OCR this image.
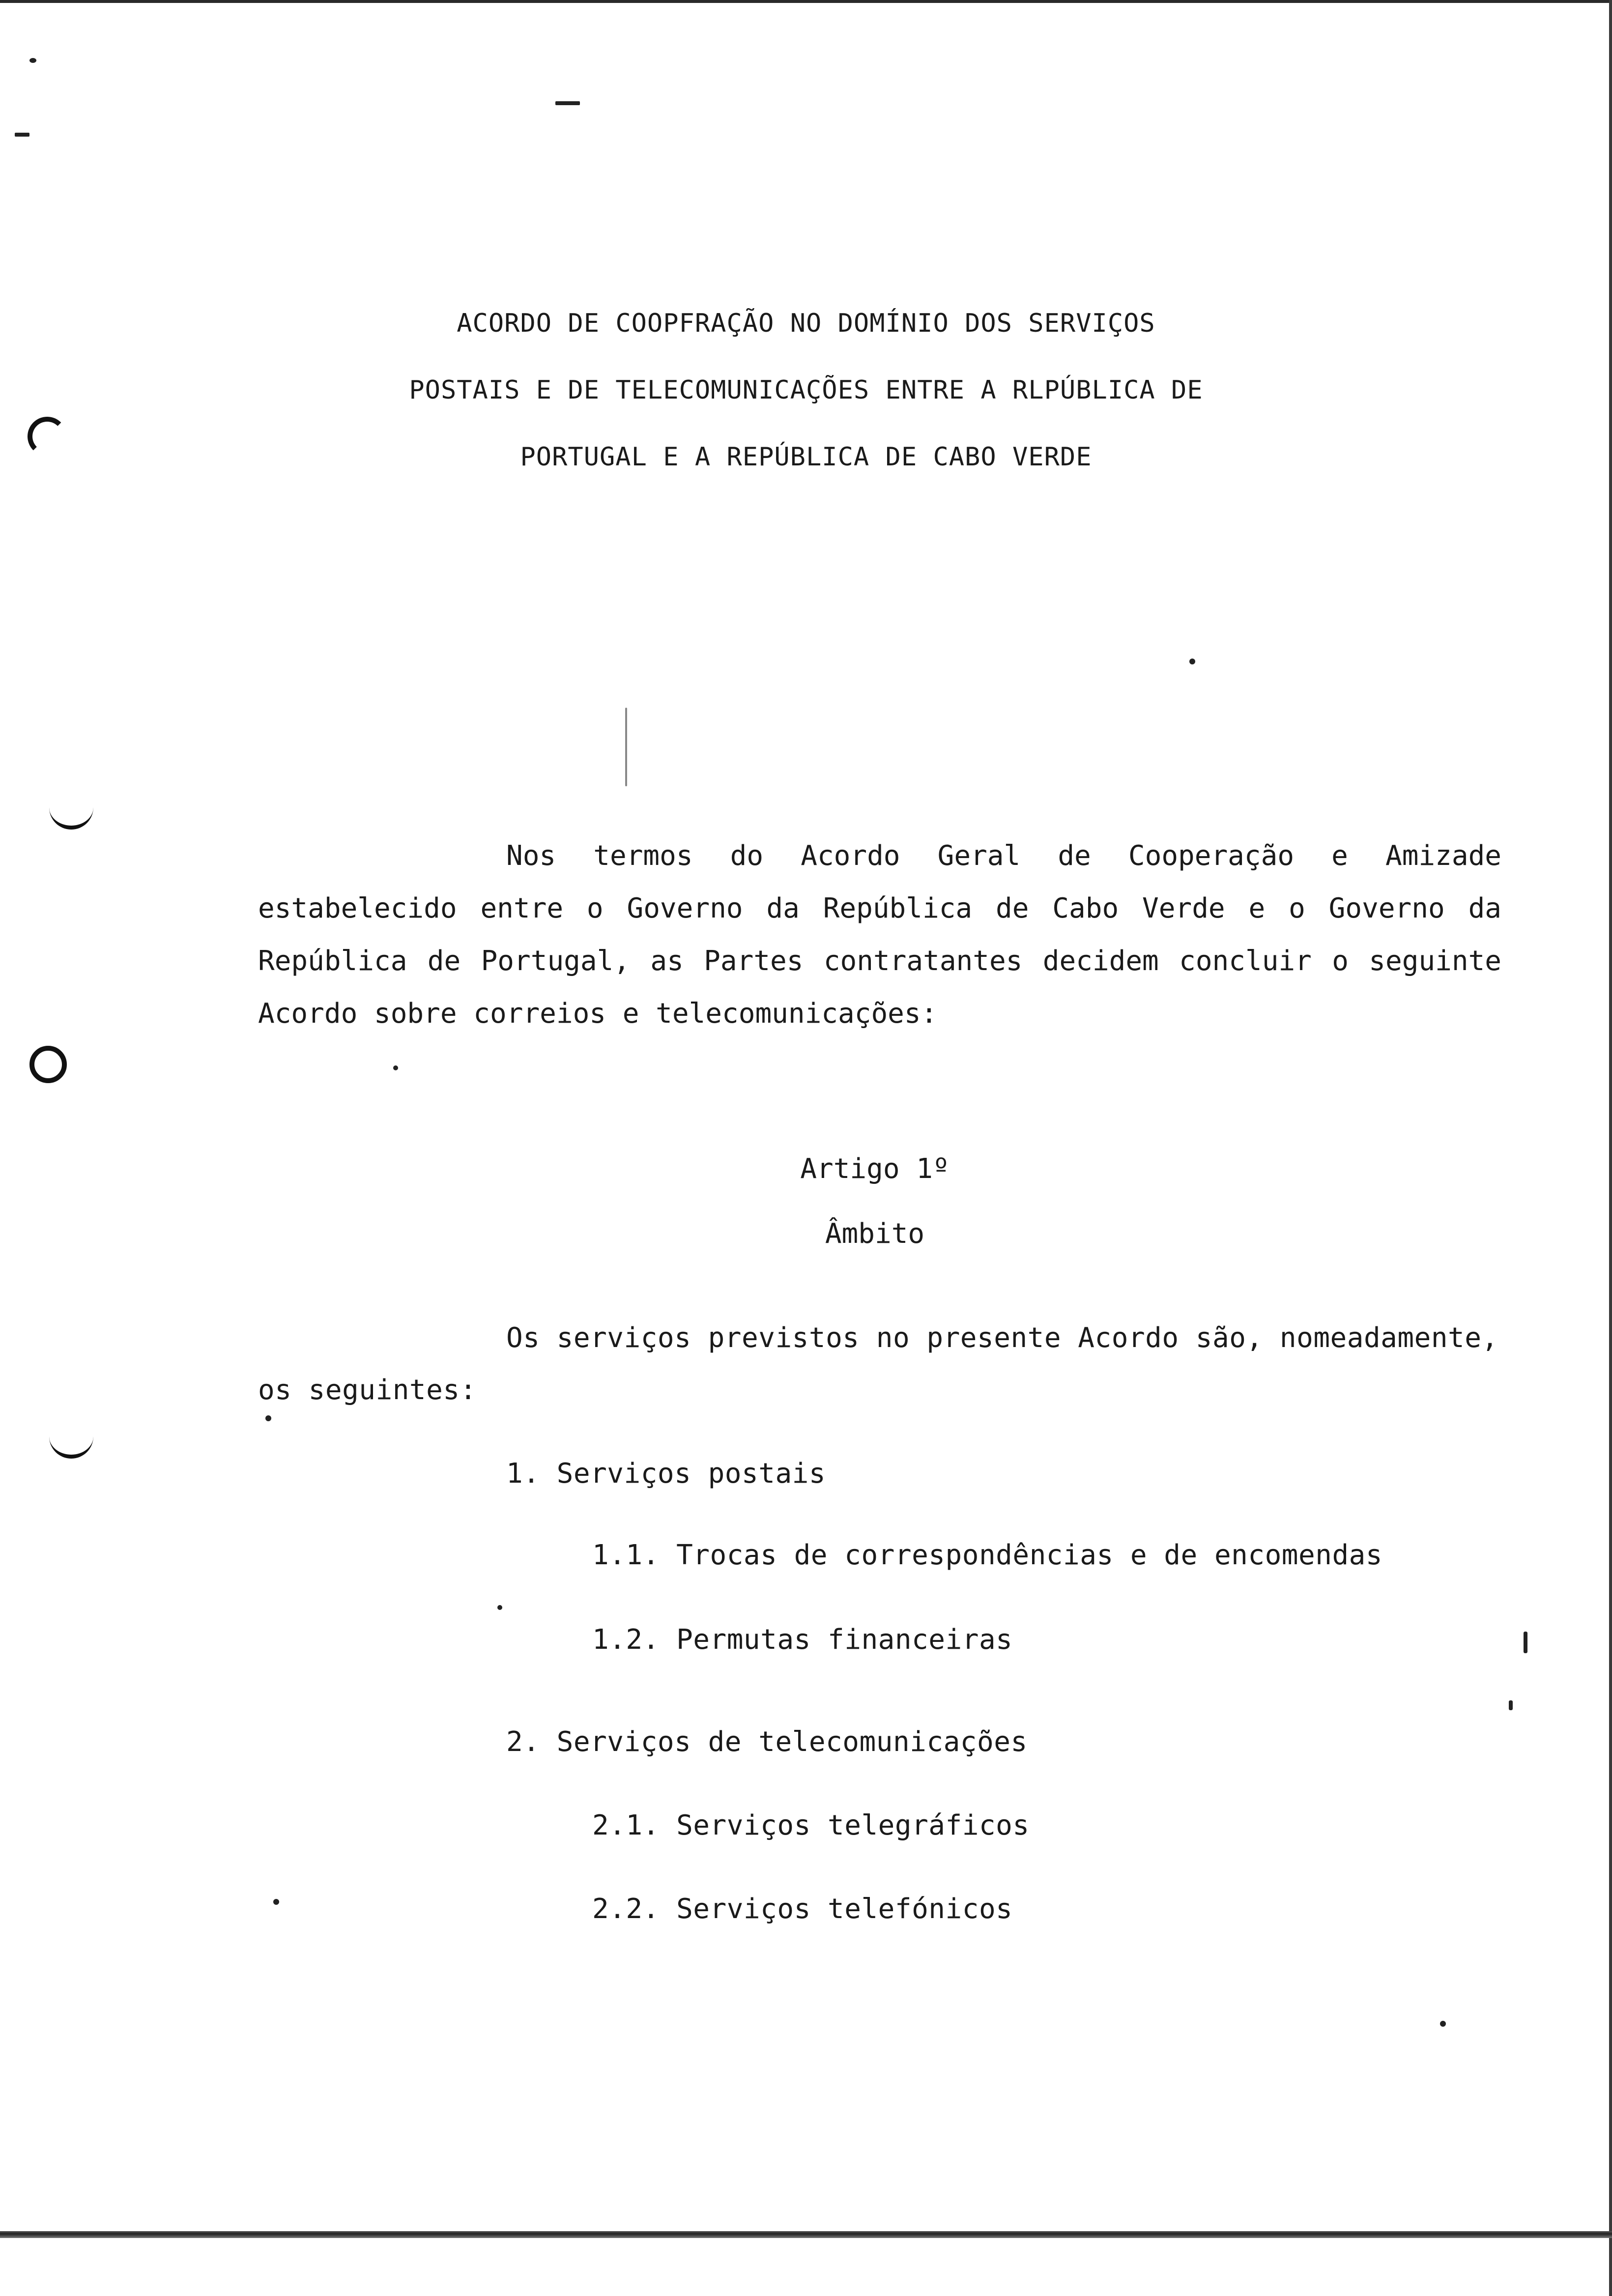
ACORDO DE COOPFRAÇÃO NO DOMÍNIO DOS SERVIÇOS
POSTAIS E DE TELECOMUNICAÇÕES ENTRE A RLPÚBLICA DE
PORTUGAL E A REPÚBLICA DE CABO VERDE
Nos termos do Acordo Geral de Cooperação e Amizade estabelecido entre o Governo da República de Cabo Verde e o Governo da República de Portugal, as Partes contratantes decidem concluir o seguinte Acordo sobre correios e telecomunicações:
Artigo 1º
Âmbito
Os serviços previstos no presente Acordo são, nomeadamente,
os seguintes:
1. Serviços postais
1.1. Trocas de correspondências e de encomendas
1.2. Permutas financeiras
2. Serviços de telecomunicações
2.1. Serviços telegráficos
2.2. Serviços telefónicos
